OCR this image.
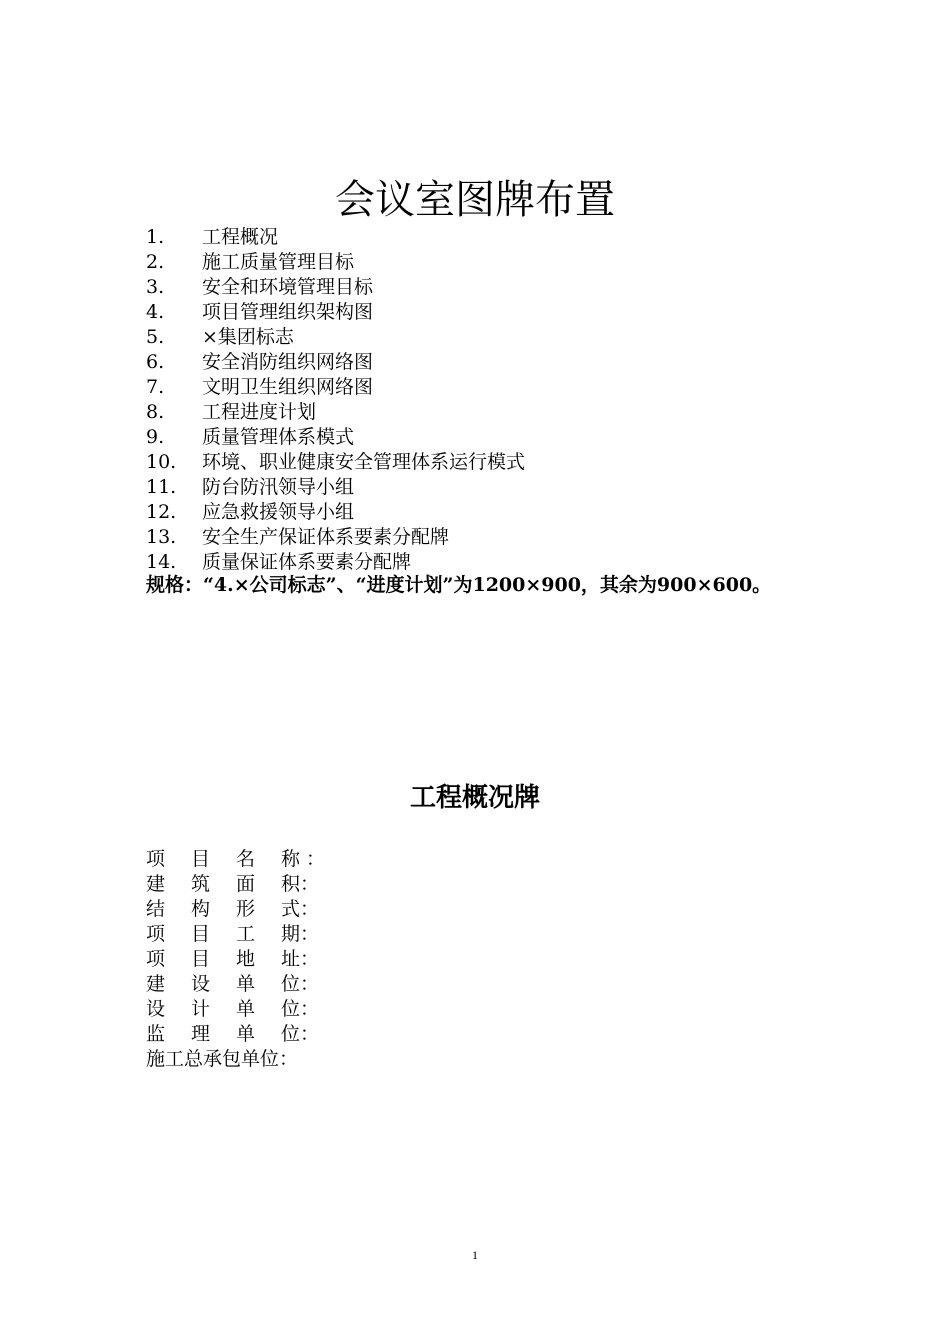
会议室图牌布置
1. 工程概况
2. 施工质量管理目标
3. 安全和环境管理目标
4. 项目管理组织架构图
5. ×集团标志
6. 安全消防组织网络图
7. 文明卫生组织网络图
8. 工程进度计划
9. 质量管理体系模式
10. 环境、职业健康安全管理体系运行模式
11. 防台防汛领导小组
12. 应急救援领导小组
13. 安全生产保证体系要素分配牌
14. 质量保证体系要素分配牌

规格：“4.×公司标志”、“进度计划”为1200×900，其余为900×600。

工程概况牌
项 目 名 称 ：
建 筑 面 积：
结 构 形 式：
项 目 工 期：
项 目 地 址：
建 设 单 位：
设 计 单 位：
监 理 单 位：
施工总承包单位：
1
